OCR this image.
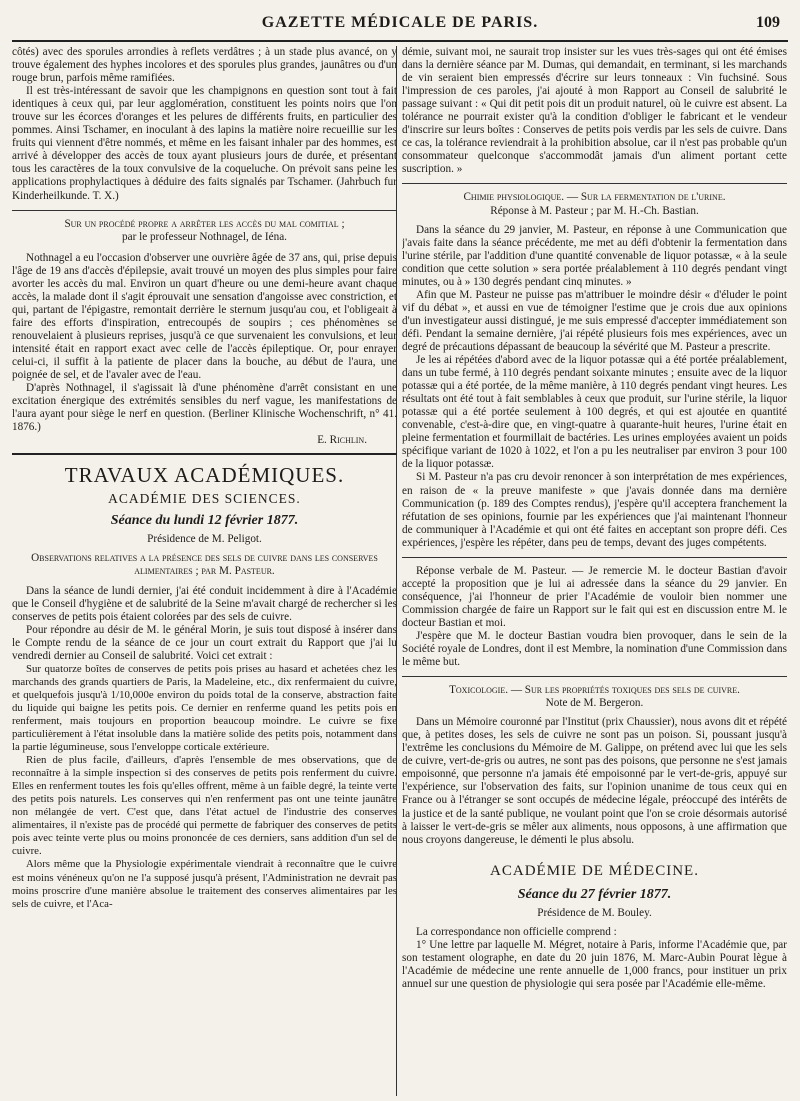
GAZETTE MÉDICALE DE PARIS.	109

côtés) avec des sporules arrondies à reflets verdâtres ; à un stade plus avancé, on y trouve également des hyphes incolores et des sporules plus grandes, jaunâtres ou d'un rouge brun, parfois même ramifiées.

Il est très-intéressant de savoir que les champignons en question sont tout à fait identiques à ceux qui, par leur agglomération, constituent les points noirs que l'on trouve sur les écorces d'oranges et les pelures de différents fruits, en particulier des pommes. Ainsi Tschamer, en inoculant à des lapins la matière noire recueillie sur les fruits qui viennent d'être nommés, et même en les faisant inhaler par des hommes, est arrivé à développer des accès de toux ayant plusieurs jours de durée, et présentant tous les caractères de la toux convulsive de la coqueluche. On prévoit sans peine les applications prophylactiques à déduire des faits signalés par Tschamer. (Jahrbuch fur Kinderheilkunde. T. X.)

Sur un procédé propre a arrêter les accès du mal comitial ;

par le professeur Nothnagel, de Iéna.

Nothnagel a eu l'occasion d'observer une ouvrière âgée de 37 ans, qui, prise depuis l'âge de 19 ans d'accès d'épilepsie, avait trouvé un moyen des plus simples pour faire avorter les accès du mal. Environ un quart d'heure ou une demi-heure avant chaque accès, la malade dont il s'agit éprouvait une sensation d'angoisse avec constriction, et qui, partant de l'épigastre, remontait derrière le sternum jusqu'au cou, et l'obligeait à faire des efforts d'inspiration, entrecoupés de soupirs ; ces phénomènes se renouvelaient à plusieurs reprises, jusqu'à ce que survenaient les convulsions, et leur intensité était en rapport exact avec celle de l'accès épileptique. Or, pour enrayer celui-ci, il suffit à la patiente de placer dans la bouche, au début de l'aura, une poignée de sel, et de l'avaler avec de l'eau.

D'après Nothnagel, il s'agissait là d'une phénomène d'arrêt consistant en une excitation énergique des extrémités sensibles du nerf vague, les manifestations de l'aura ayant pour siège le nerf en question. (Berliner Klinische Wochenschrift, n° 41. 1876.)

E. Richlin.

TRAVAUX ACADÉMIQUES.
ACADÉMIE DES SCIENCES.
Séance du lundi 12 février 1877.

Présidence de M. Peligot.

Observations relatives a la présence des sels de cuivre dans les conserves alimentaires ; par M. Pasteur.

Dans la séance de lundi dernier, j'ai été conduit incidemment à dire à l'Académie que le Conseil d'hygiène et de salubrité de la Seine m'avait chargé de rechercher si les conserves de petits pois étaient colorées par des sels de cuivre.

Pour répondre au désir de M. le général Morin, je suis tout disposé à insérer dans le Compte rendu de la séance de ce jour un court extrait du Rapport que j'ai lu vendredi dernier au Conseil de salubrité. Voici cet extrait :

Sur quatorze boîtes de conserves de petits pois prises au hasard et achetées chez les marchands des grands quartiers de Paris, la Madeleine, etc., dix renfermaient du cuivre, et quelquefois jusqu'à 1/10,000e environ du poids total de la conserve, abstraction faite du liquide qui baigne les petits pois. Ce dernier en renferme quand les petits pois en renferment, mais toujours en proportion beaucoup moindre. Le cuivre se fixe particulièrement à l'état insoluble dans la matière solide des petits pois, notamment dans la partie légumineuse, sous l'enveloppe corticale extérieure.

Rien de plus facile, d'ailleurs, d'après l'ensemble de mes observations, que de reconnaître à la simple inspection si des conserves de petits pois renferment du cuivre. Elles en renferment toutes les fois qu'elles offrent, même à un faible degré, la teinte verte des petits pois naturels. Les conserves qui n'en renferment pas ont une teinte jaunâtre non mélangée de vert. C'est que, dans l'état actuel de l'industrie des conserves alimentaires, il n'existe pas de procédé qui permette de fabriquer des conserves de petits pois avec teinte verte plus ou moins prononcée de ces derniers, sans addition d'un sel de cuivre.

Alors même que la Physiologie expérimentale viendrait à reconnaître que le cuivre est moins vénéneux qu'on ne l'a supposé jusqu'à présent, l'Administration ne devrait pas moins proscrire d'une manière absolue le traitement des conserves alimentaires par les sels de cuivre, et l'Aca-

démie, suivant moi, ne saurait trop insister sur les vues très-sages qui ont été émises dans la dernière séance par M. Dumas, qui demandait, en terminant, si les marchands de vin seraient bien empressés d'écrire sur leurs tonneaux : Vin fuchsiné. Sous l'impression de ces paroles, j'ai ajouté à mon Rapport au Conseil de salubrité le passage suivant : « Qui dit petit pois dit un produit naturel, où le cuivre est absent. La tolérance ne pourrait exister qu'à la condition d'obliger le fabricant et le vendeur d'inscrire sur leurs boîtes : Conserves de petits pois verdis par les sels de cuivre. Dans ce cas, la tolérance reviendrait à la prohibition absolue, car il n'est pas probable qu'un consommateur quelconque s'accommodât jamais d'un aliment portant cette suscription. »

Chimie physiologique. — Sur la fermentation de l'urine.

Réponse à M. Pasteur ; par M. H.-Ch. Bastian.

Dans la séance du 29 janvier, M. Pasteur, en réponse à une Communication que j'avais faite dans la séance précédente, me met au défi d'obtenir la fermentation dans l'urine stérile, par l'addition d'une quantité convenable de liquor potassæ, « à la seule condition que cette solution » sera portée préalablement à 110 degrés pendant vingt minutes, ou à » 130 degrés pendant cinq minutes. »

Afin que M. Pasteur ne puisse pas m'attribuer le moindre désir « d'éluder le point vif du débat », et aussi en vue de témoigner l'estime que je crois due aux opinions d'un investigateur aussi distingué, je me suis empressé d'accepter immédiatement son défi. Pendant la semaine dernière, j'ai répété plusieurs fois mes expériences, avec un degré de précautions dépassant de beaucoup la sévérité que M. Pasteur a prescrite.

Je les ai répétées d'abord avec de la liquor potassæ qui a été portée préalablement, dans un tube fermé, à 110 degrés pendant soixante minutes ; ensuite avec de la liquor potassæ qui a été portée, de la même manière, à 110 degrés pendant vingt heures. Les résultats ont été tout à fait semblables à ceux que produit, sur l'urine stérile, la liquor potassæ qui a été portée seulement à 100 degrés, et qui est ajoutée en quantité convenable, c'est-à-dire que, en vingt-quatre à quarante-huit heures, l'urine était en pleine fermentation et fourmillait de bactéries. Les urines employées avaient un poids spécifique variant de 1020 à 1022, et l'on a pu les neutraliser par environ 3 pour 100 de la liquor potassæ.

Si M. Pasteur n'a pas cru devoir renoncer à son interprétation de mes expériences, en raison de « la preuve manifeste » que j'avais donnée dans ma dernière Communication (p. 189 des Comptes rendus), j'espère qu'il acceptera franchement la réfutation de ses opinions, fournie par les expériences que j'ai maintenant l'honneur de communiquer à l'Académie et qui ont été faites en acceptant son propre défi. Ces expériences, j'espère les répéter, dans peu de temps, devant des juges compétents.

Réponse verbale de M. Pasteur. — Je remercie M. le docteur Bastian d'avoir accepté la proposition que je lui ai adressée dans la séance du 29 janvier. En conséquence, j'ai l'honneur de prier l'Académie de vouloir bien nommer une Commission chargée de faire un Rapport sur le fait qui est en discussion entre M. le docteur Bastian et moi.

J'espère que M. le docteur Bastian voudra bien provoquer, dans le sein de la Société royale de Londres, dont il est Membre, la nomination d'une Commission dans le même but.

Toxicologie. — Sur les propriétés toxiques des sels de cuivre.

Note de M. Bergeron.

Dans un Mémoire couronné par l'Institut (prix Chaussier), nous avons dit et répété que, à petites doses, les sels de cuivre ne sont pas un poison. Si, poussant jusqu'à l'extrême les conclusions du Mémoire de M. Galippe, on prétend avec lui que les sels de cuivre, vert-de-gris ou autres, ne sont pas des poisons, que personne ne s'est jamais empoisonné, que personne n'a jamais été empoisonné par le vert-de-gris, appuyé sur l'expérience, sur l'observation des faits, sur l'opinion unanime de tous ceux qui en France ou à l'étranger se sont occupés de médecine légale, préoccupé des intérêts de la justice et de la santé publique, ne voulant point que l'on se croie désormais autorisé à laisser le vert-de-gris se mêler aux aliments, nous opposons, à une affirmation que nous croyons dangereuse, le démenti le plus absolu.

ACADÉMIE DE MÉDECINE.
Séance du 27 février 1877.

Présidence de M. Bouley.

La correspondance non officielle comprend :

1° Une lettre par laquelle M. Mégret, notaire à Paris, informe l'Académie que, par son testament olographe, en date du 20 juin 1876, M. Marc-Aubin Pourat lègue à l'Académie de médecine une rente annuelle de 1,000 francs, pour instituer un prix annuel sur une question de physiologie qui sera posée par l'Académie elle-même.
